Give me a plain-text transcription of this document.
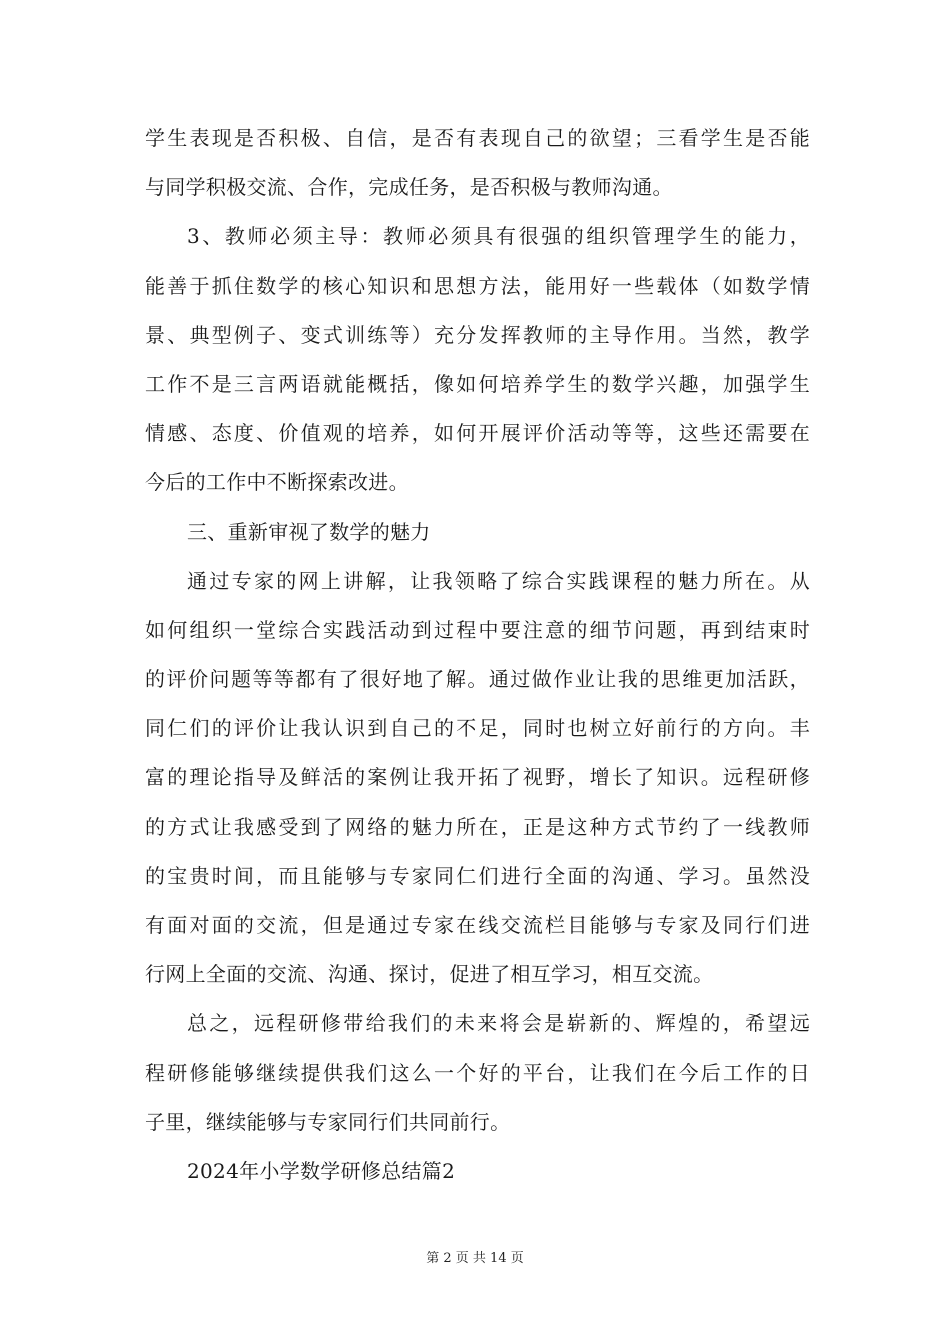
学生表现是否积极、自信，是否有表现自己的欲望；三看学生是否能
与同学积极交流、合作，完成任务，是否积极与教师沟通。
3、教师必须主导：教师必须具有很强的组织管理学生的能力，
能善于抓住数学的核心知识和思想方法，能用好一些载体（如数学情
景、典型例子、变式训练等）充分发挥教师的主导作用。当然，教学
工作不是三言两语就能概括，像如何培养学生的数学兴趣，加强学生
情感、态度、价值观的培养，如何开展评价活动等等，这些还需要在
今后的工作中不断探索改进。
三、重新审视了数学的魅力
通过专家的网上讲解，让我领略了综合实践课程的魅力所在。从
如何组织一堂综合实践活动到过程中要注意的细节问题，再到结束时
的评价问题等等都有了很好地了解。通过做作业让我的思维更加活跃，
同仁们的评价让我认识到自己的不足，同时也树立好前行的方向。丰
富的理论指导及鲜活的案例让我开拓了视野，增长了知识。远程研修
的方式让我感受到了网络的魅力所在，正是这种方式节约了一线教师
的宝贵时间，而且能够与专家同仁们进行全面的沟通、学习。虽然没
有面对面的交流，但是通过专家在线交流栏目能够与专家及同行们进
行网上全面的交流、沟通、探讨，促进了相互学习，相互交流。
总之，远程研修带给我们的未来将会是崭新的、辉煌的，希望远
程研修能够继续提供我们这么一个好的平台，让我们在今后工作的日
子里，继续能够与专家同行们共同前行。
2024年小学数学研修总结篇2
第 2 页 共 14 页
